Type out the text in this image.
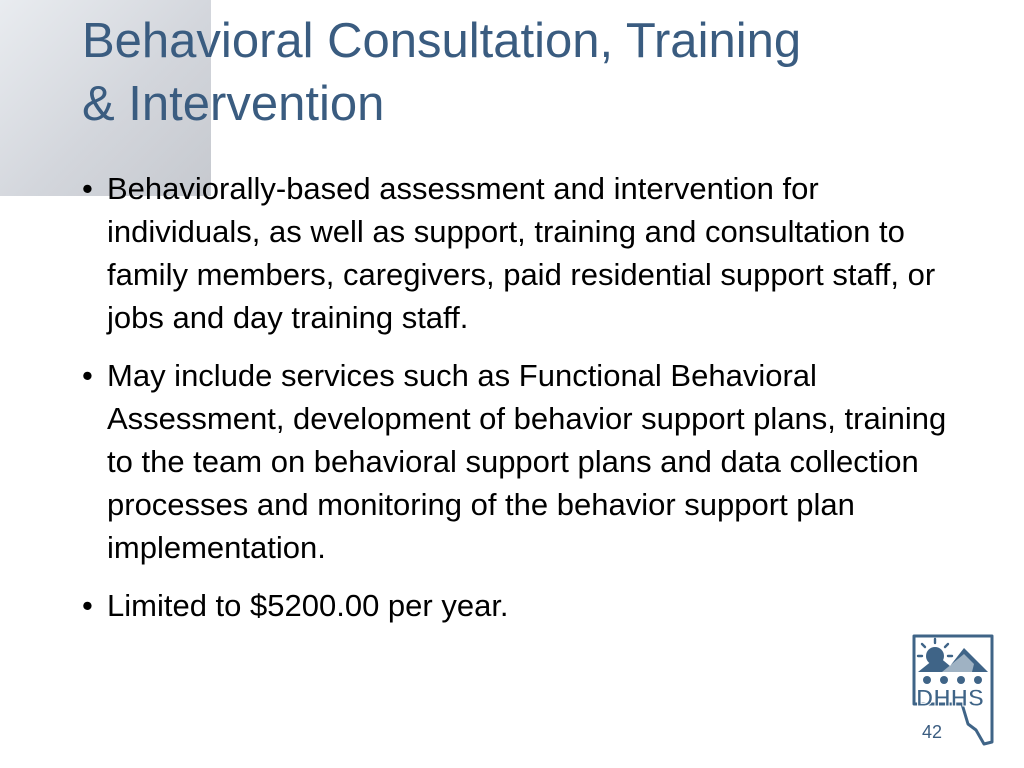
Behavioral Consultation, Training
& Intervention
• Behaviorally-based assessment and intervention for individuals, as well as support, training and consultation to family members, caregivers, paid residential support staff, or jobs and day training staff.
• May include services such as Functional Behavioral Assessment, development of behavior support plans, training to the team on behavioral support plans and data collection processes and monitoring of the behavior support plan implementation.
• Limited to $5200.00 per year.
DHHS
42
